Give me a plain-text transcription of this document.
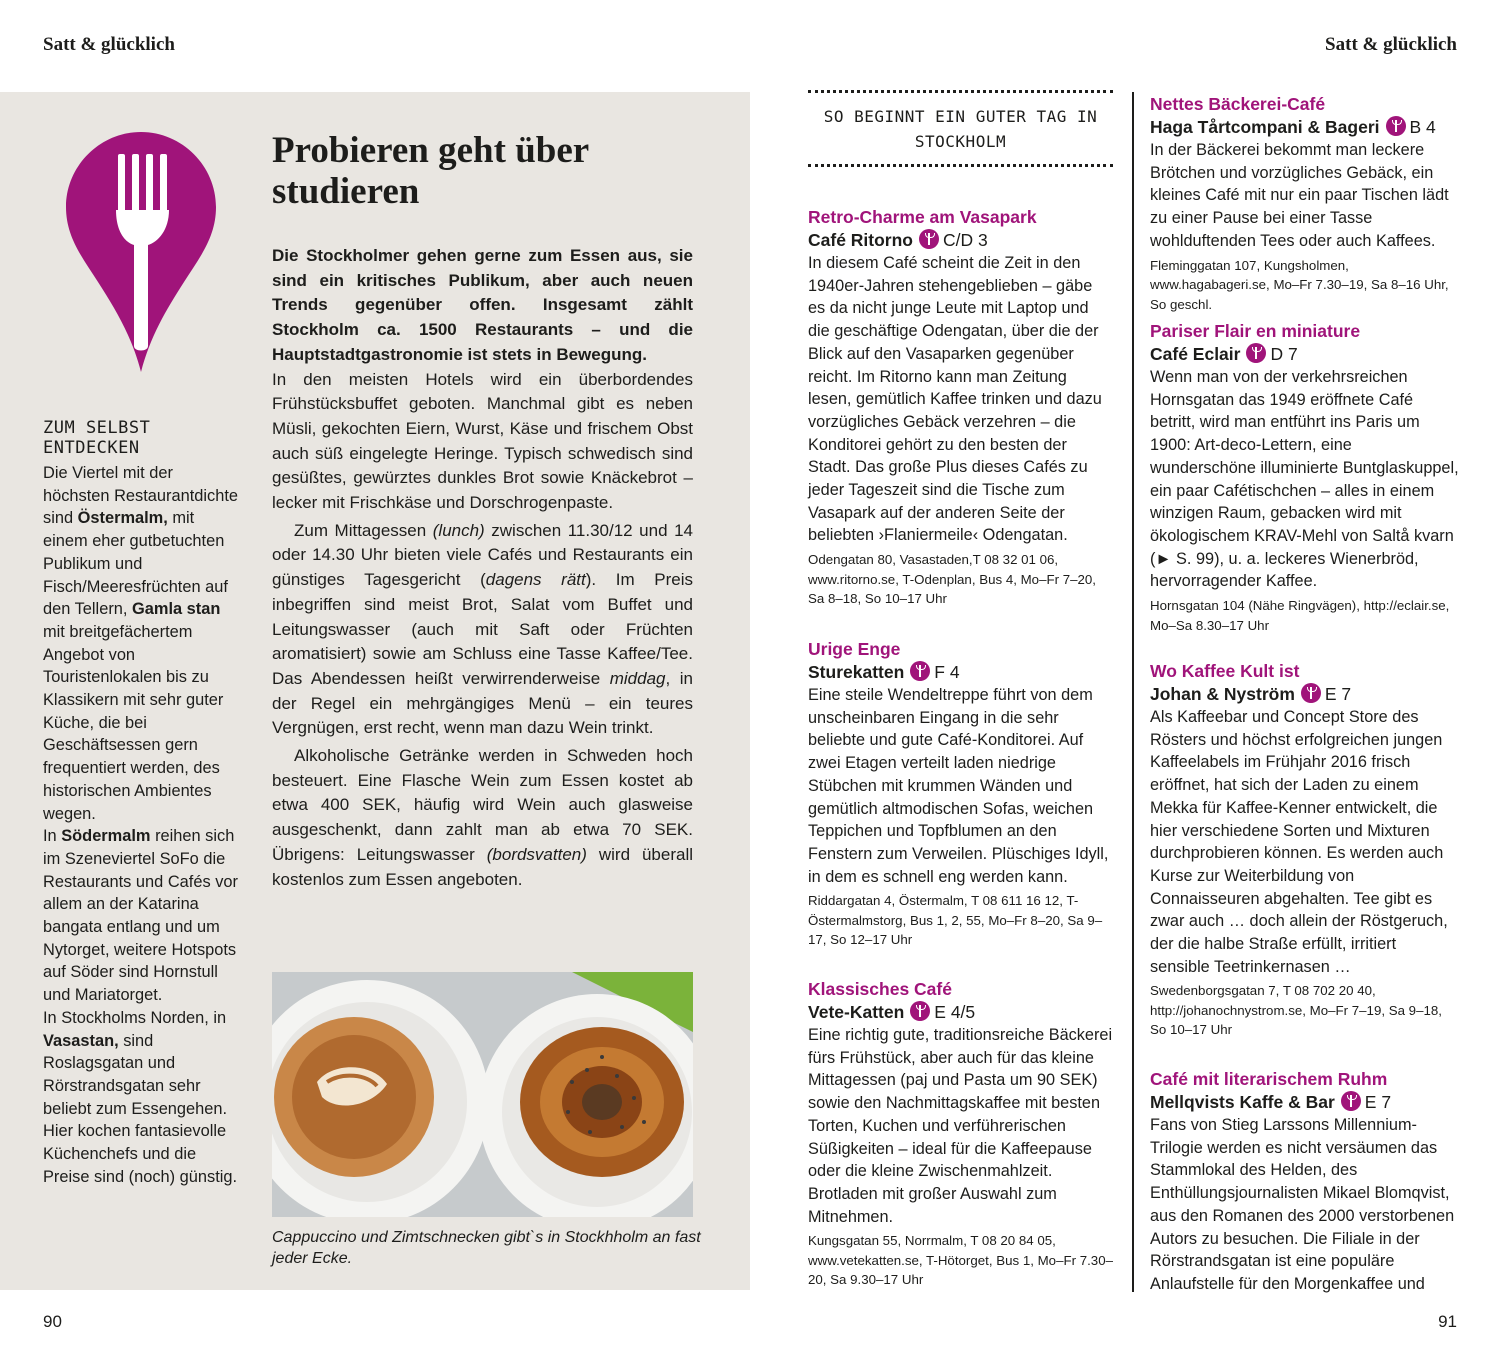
Satt & glücklich	Satt & glücklich
90	91
ZUM SELBST ENTDECKEN

Die Viertel mit der höchsten Restaurantdichte sind Östermalm, mit einem eher gutbetuchten Publikum und Fisch/Meeresfrüchten auf den Tellern, Gamla stan mit breitgefächertem Angebot von Touristenlokalen bis zu Klassikern mit sehr guter Küche, die bei Geschäftsessen gern frequentiert werden, des historischen Ambientes wegen.

In Södermalm reihen sich im Szeneviertel SoFo die Restaurants und Cafés vor allem an der Katarina bangata entlang und um Nytorget, weitere Hotspots auf Söder sind Hornstull und Mariatorget.

In Stockholms Norden, in Vasastan, sind Roslagsgatan und Rörstrandsgatan sehr beliebt zum Essengehen. Hier kochen fantasievolle Küchenchefs und die Preise sind (noch) günstig.

Probieren geht über studieren

Die Stockholmer gehen gerne zum Essen aus, sie sind ein kritisches Publikum, aber auch neuen Trends gegenüber offen. Insgesamt zählt Stockholm ca. 1500 Restaurants – und die Hauptstadtgastronomie ist stets in Bewegung.

In den meisten Hotels wird ein überbordendes Frühstücksbuffet geboten. Manchmal gibt es neben Müsli, gekochten Eiern, Wurst, Käse und frischem Obst auch süß eingelegte Heringe. Typisch schwedisch sind gesüßtes, gewürztes dunkles Brot sowie Knäckebrot – lecker mit Frischkäse und Dorschrogenpaste.

Zum Mittagessen (lunch) zwischen 11.30/12 und 14 oder 14.30 Uhr bieten viele Cafés und Restaurants ein günstiges Tagesgericht (dagens rätt). Im Preis inbegriffen sind meist Brot, Salat vom Buffet und Leitungswasser (auch mit Saft oder Früchten aromatisiert) sowie am Schluss eine Tasse Kaffee/Tee. Das Abendessen heißt verwirrenderweise middag, in der Regel ein mehrgängiges Menü – ein teures Vergnügen, erst recht, wenn man dazu Wein trinkt.

Alkoholische Getränke werden in Schweden hoch besteuert. Eine Flasche Wein zum Essen kostet ab etwa 400 SEK, häufig wird Wein auch glasweise ausgeschenkt, dann zahlt man ab etwa 70 SEK. Übrigens: Leitungswasser (bordsvatten) wird überall kostenlos zum Essen angeboten.

Cappuccino und Zimtschnecken gibt`s in Stockhholm an fast jeder Ecke.

SO BEGINNT EIN GUTER TAG IN
STOCKHOLM
Retro-Charme am Vasapark
Café Ritorno C/D 3
In diesem Café scheint die Zeit in den 1940er-Jahren stehengeblieben – gäbe es da nicht junge Leute mit Laptop und die geschäftige Odengatan, über die der Blick auf den Vasaparken gegenüber reicht. Im Ritorno kann man Zeitung lesen, gemütlich Kaffee trinken und dazu vorzügliches Gebäck verzehren – die Konditorei gehört zu den besten der Stadt. Das große Plus dieses Cafés zu jeder Tageszeit sind die Tische zum Vasapark auf der anderen Seite der beliebten ›Flaniermeile‹ Odengatan.
Odengatan 80, Vasastaden,T 08 32 01 06, www.ritorno.se, T-Odenplan, Bus 4, Mo–Fr 7–20, Sa 8–18, So 10–17 Uhr
Urige Enge
Sturekatten F 4
Eine steile Wendeltreppe führt von dem unscheinbaren Eingang in die sehr beliebte und gute Café-Konditorei. Auf zwei Etagen verteilt laden niedrige Stübchen mit krummen Wänden und gemütlich altmodischen Sofas, weichen Teppichen und Topfblumen an den Fenstern zum Verweilen. Plüschiges Idyll, in dem es schnell eng werden kann.
Riddargatan 4, Östermalm, T 08 611 16 12, T-Östermalmstorg, Bus 1, 2, 55, Mo–Fr 8–20, Sa 9–17, So 12–17 Uhr
Klassisches Café
Vete-Katten E 4/5
Eine richtig gute, traditionsreiche Bäckerei fürs Frühstück, aber auch für das kleine Mittagessen (paj und Pasta um 90 SEK) sowie den Nachmittagskaffee mit besten Torten, Kuchen und verführerischen Süßigkeiten – ideal für die Kaffeepause oder die kleine Zwischenmahlzeit. Brotladen mit großer Auswahl zum Mitnehmen.
Kungsgatan 55, Norrmalm, T 08 20 84 05, www.vetekatten.se, T-Hötorget, Bus 1, Mo–Fr 7.30–20, Sa 9.30–17 Uhr
Nettes Bäckerei-Café
Haga Tårtcompani & Bageri B 4
In der Bäckerei bekommt man leckere Brötchen und vorzügliches Gebäck, ein kleines Café mit nur ein paar Tischen lädt zu einer Pause bei einer Tasse wohlduftenden Tees oder auch Kaffees.
Fleminggatan 107, Kungsholmen, www.hagabageri.se, Mo–Fr 7.30–19, Sa 8–16 Uhr, So geschl.
Pariser Flair en miniature
Café Eclair D 7
Wenn man von der verkehrsreichen Hornsgatan das 1949 eröffnete Café betritt, wird man entführt ins Paris um 1900: Art-deco-Lettern, eine wunderschöne illuminierte Buntglaskuppel, ein paar Cafétischchen – alles in einem winzigen Raum, gebacken wird mit ökologischem KRAV-Mehl von Saltå kvarn (► S. 99), u. a. leckeres Wienerbröd, hervorragender Kaffee.
Hornsgatan 104 (Nähe Ringvägen), http://eclair.se, Mo–Sa 8.30–17 Uhr
Wo Kaffee Kult ist
Johan & Nyström E 7
Als Kaffeebar und Concept Store des Rösters und höchst erfolgreichen jungen Kaffeelabels im Frühjahr 2016 frisch eröffnet, hat sich der Laden zu einem Mekka für Kaffee-Kenner entwickelt, die hier verschiedene Sorten und Mixturen durchprobieren können. Es werden auch Kurse zur Weiterbildung von Connaisseuren abgehalten. Tee gibt es zwar auch … doch allein der Röstgeruch, der die halbe Straße erfüllt, irritiert sensible Teetrinkernasen …
Swedenborgsgatan 7, T 08 702 20 40, http://johanochnystrom.se, Mo–Fr 7–19, Sa 9–18, So 10–17 Uhr
Café mit literarischem Ruhm
Mellqvists Kaffe & Bar E 7
Fans von Stieg Larssons Millennium-Trilogie werden es nicht versäumen das Stammlokal des Helden, des Enthüllungsjournalisten Mikael Blomqvist, aus den Romanen des 2000 verstorbenen Autors zu besuchen. Die Filiale in der Rörstrandsgatan ist eine populäre Anlaufstelle für den Morgenkaffee und
